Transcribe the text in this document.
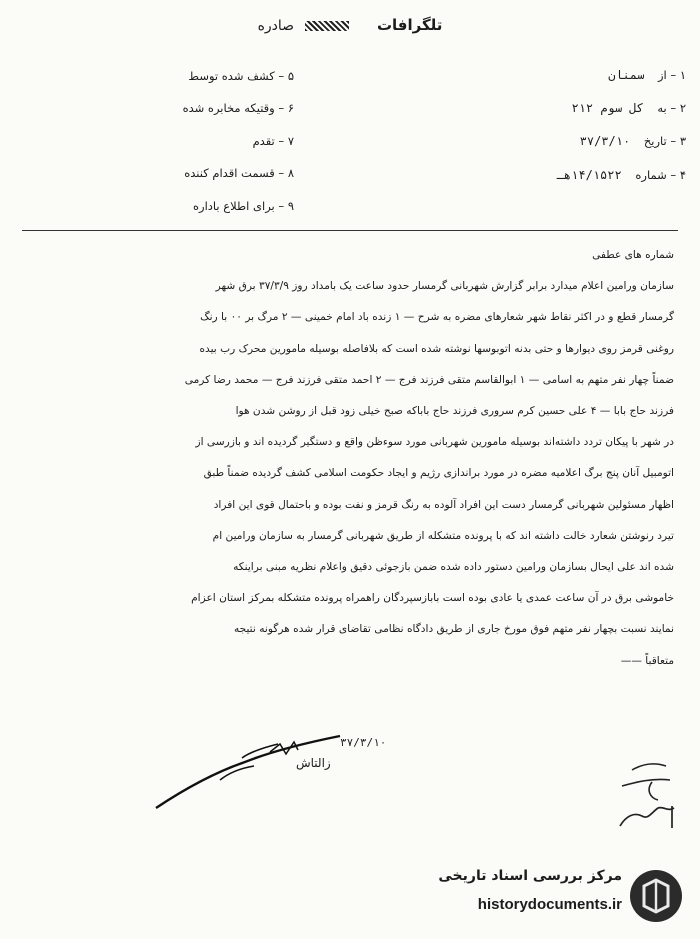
تلگرافات  صادره
۱ – از سمنان
۲ – به کل سوم ۲۱۲
۳ – تاریخ ۳۷/۳/۱۰
۴ – شماره ۱۴/۱۵۲۲هـ
۵ – کشف شده توسط
۶ – وقتیکه مخابره شده
۷ – تقدم
۸ – قسمت اقدام کننده
۹ – برای اطلاع باداره
شماره های عطفی
سازمان ورامین اعلام میدارد برابر گزارش شهربانی گرمسار حدود ساعت یک بامداد روز ۳۷/۳/۹ برق شهر
گرمسار قطع و در اکثر نقاط شهر شعارهای مضره به شرح — ۱ زنده باد امام خمینی — ۲ مرگ بر ۰۰ با رنگ
روغنی قرمز روی دیوارها و حتی بدنه اتوبوسها نوشته شده است که بلافاصله بوسیله مامورین محرک رب بیده
ضمناً چهار نفر متهم به اسامی — ۱ ابوالقاسم متقی فرزند فرج — ۲ احمد متقی فرزند فرج — محمد رضا کرمی
فرزند حاج بابا — ۴ علی حسین کرم سروری فرزند حاج باباکه صبح خیلی زود قبل از روشن شدن هوا
در شهر با پیکان تردد داشته‌اند بوسیله مامورین شهربانی مورد سوءظن واقع و دستگیر گردیده اند و بازرسی از
اتومبیل آنان پنج برگ اعلامیه مضره در مورد براندازی رژیم و ایجاد حکومت اسلامی کشف گردیده ضمناً طبق
اظهار مسئولین شهربانی گرمسار دست این افراد آلوده به رنگ قرمز و نفت بوده و باحتمال قوی این افراد
تیرد رنوشتن شعارد خالت داشته اند که با پرونده متشکله از طریق شهربانی گرمسار به سازمان ورامین ام
شده اند علی ایحال بسازمان ورامین دستور داده شده ضمن بازجوئی دقیق واعلام نظریه مبنی براینکه
خاموشی برق در آن ساعت عمدی یا عادی بوده است بابازسپردگان راهمراه پرونده متشکله بمرکز استان اعزام
نمایند نسبت بچهار نفر متهم فوق مورخ جاری از طریق دادگاه نظامی تقاضای قرار شده هرگونه نتیجه
متعاقباً ——
۳۷/۳/۱۰
زالتاش
مرکز بررسی اسناد تاریخی
historydocuments.ir
